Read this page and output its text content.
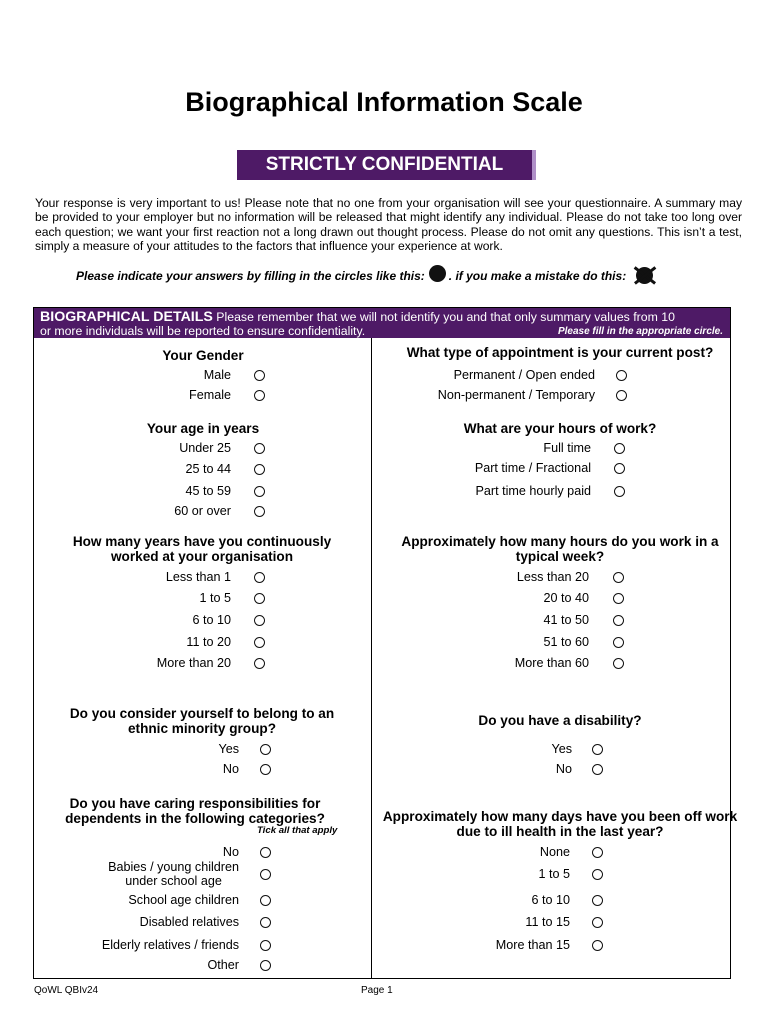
Biographical Information Scale
STRICTLY CONFIDENTIAL

Your response is very important to us! Please note that no one from your organisation will see your questionnaire. A summary may be provided to your employer but no information will be released that might identify any individual. Please do not take too long over each question; we want your first reaction not a long drawn out thought process. Please do not omit any questions. This isn’t a test, simply a measure of your attitudes to the factors that influence your experience at work.

Please indicate your answers by filling in the circles like this: . if you make a mistake do this:
BIOGRAPHICAL DETAILS Please remember that we will not identify you and that only summary values from 10
or more individuals will be reported to ensure confidentiality.	Please fill in the appropriate circle.

Your Gender

Male
Female

What type of appointment is your current post?

Permanent / Open ended
Non-permanent / Temporary

Your age in years

Under 25
25 to 44
45 to 59
60 or over

What are your hours of work?

Full time
Part time / Fractional
Part time hourly paid

How many years have you continuously worked at your organisation

Less than 1
1 to 5
6 to 10
11 to 20
More than 20

Approximately how many hours do you work in a typical week?

Less than 20
20 to 40
41 to 50
51 to 60
More than 60

Do you consider yourself to belong to an ethnic minority group?

Yes
No

Do you have a disability?

Yes
No

Do you have caring responsibilities for dependents in the following categories?

No
Babies / young children
under school age
School age children
Disabled relatives
Elderly relatives / friends
Other

Approximately how many days have you been off work due to ill health in the last year?

None
1 to 5
6 to 10
11 to 15
More than 15
Tick all that apply
QoWL QBIv24	Page 1
